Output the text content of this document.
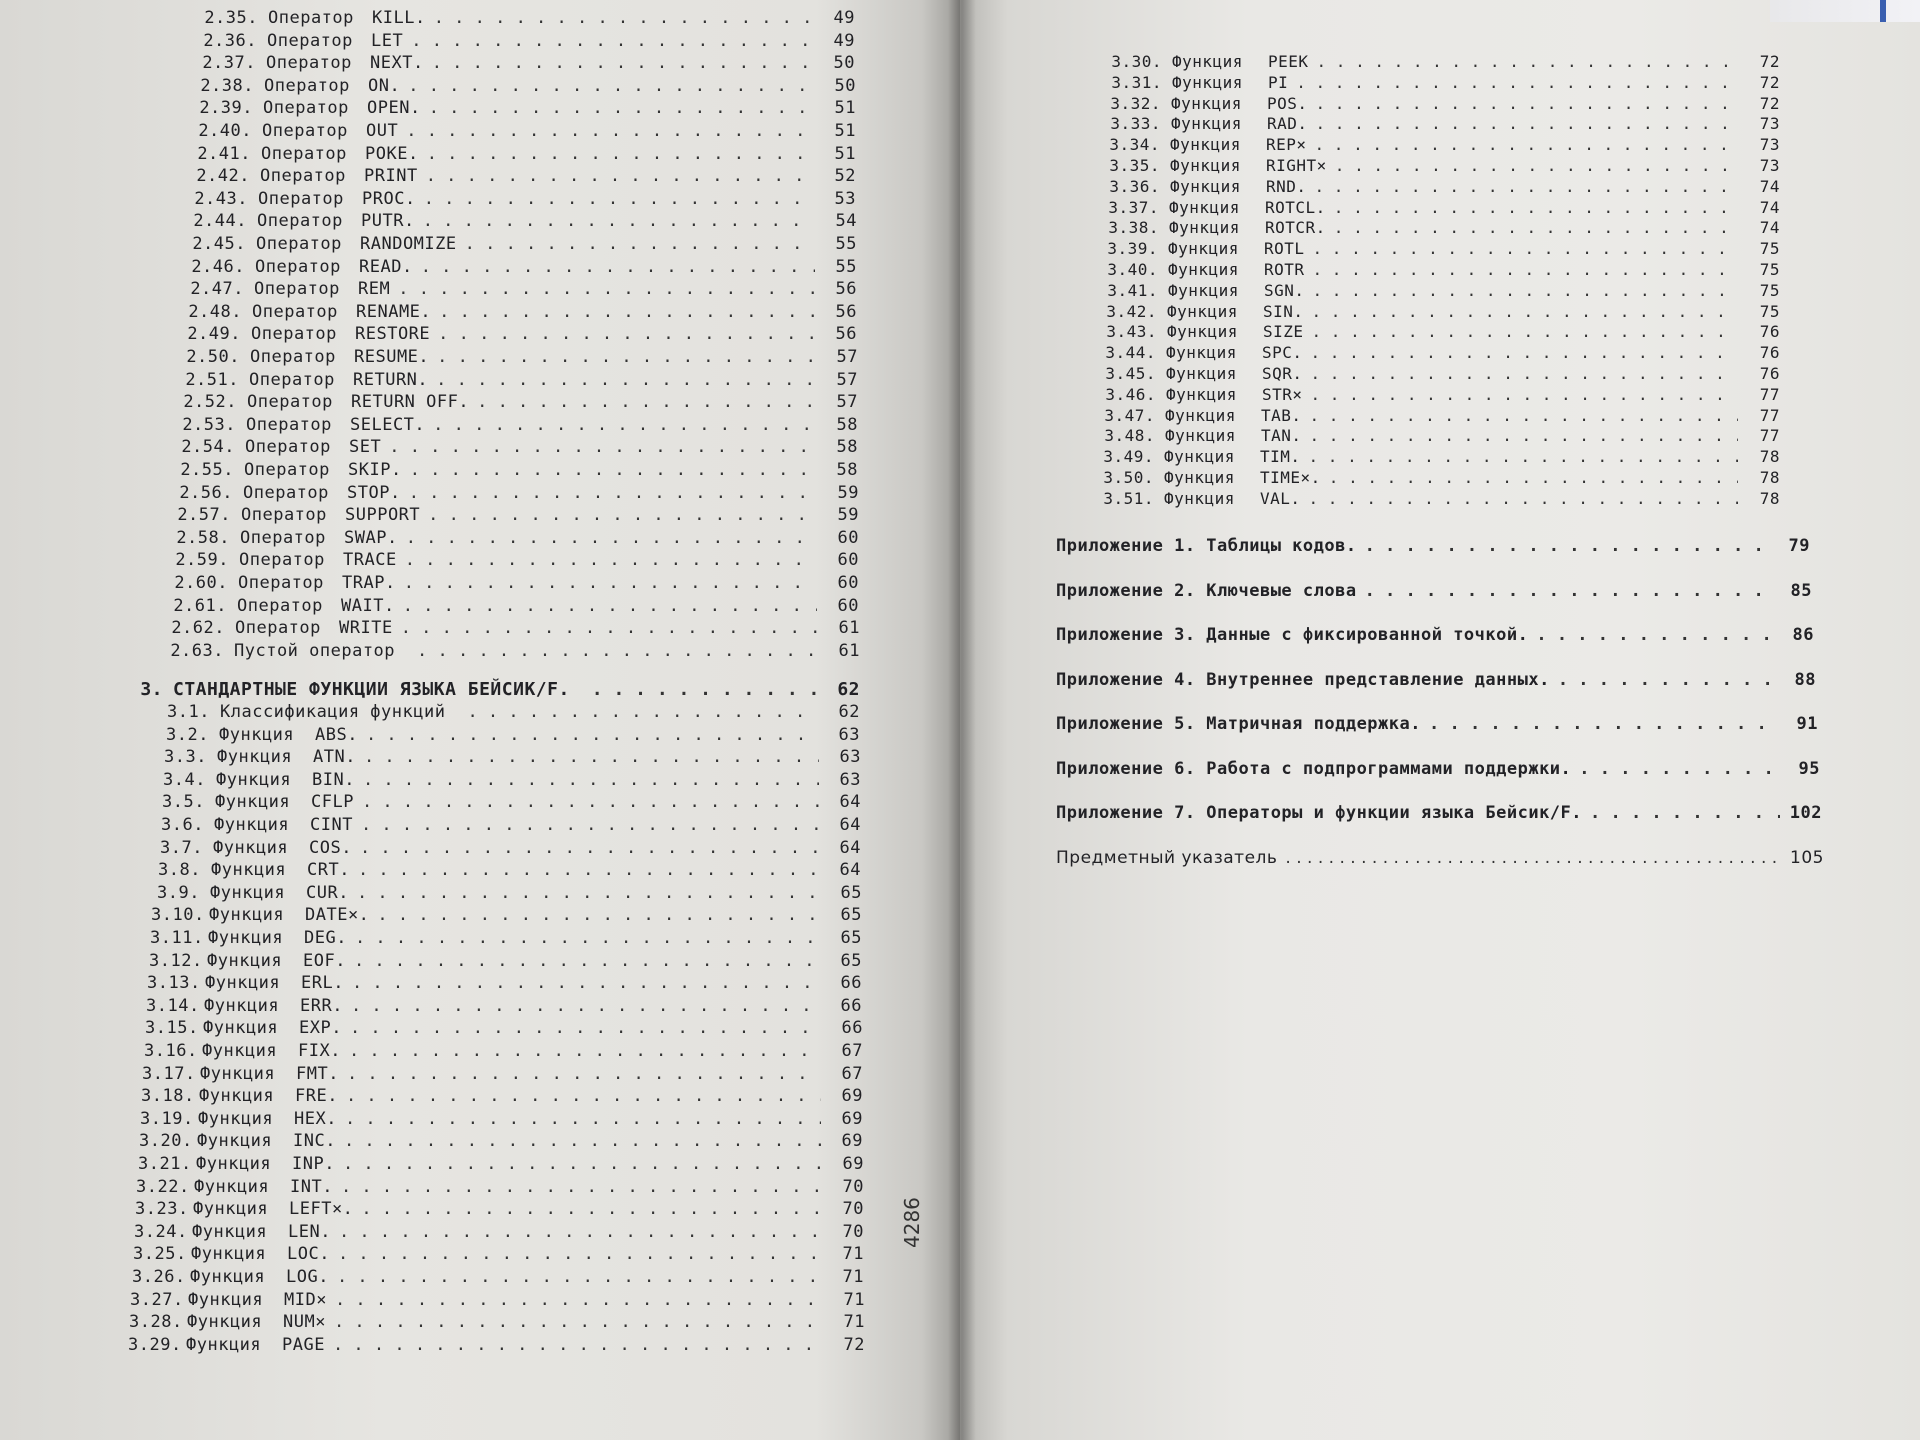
2.35. Оператор KILL. . . .	49
2.36. Оператор LET . . .	49
2.37. Оператор NEXT. . . .	50
2.38. Оператор ON. . . .	50
2.39. Оператор OPEN. . . .	51
2.40. Оператор OUT . . .	51
2.41. Оператор POKE. . . .	51
2.42. Оператор PRINT . . .	52
2.43. Оператор PROC. . . .	53
2.44. Оператор PUTR. . . .	54
2.45. Оператор RANDOMIZE . . .	55
2.46. Оператор READ. . . .	55
2.47. Оператор REM . . .	56
2.48. Оператор RENAME. . . .	56
2.49. Оператор RESTORE . . .	56
2.50. Оператор RESUME. . . .	57
2.51. Оператор RETURN. . . .	57
2.52. Оператор RETURN OFF. . . .	57
2.53. Оператор SELECT. . . .	58
2.54. Оператор SET . . .	58
2.55. Оператор SKIP. . . .	58
2.56. Оператор STOP. . . .	59
2.57. Оператор SUPPORT . . .	59
2.58. Оператор SWAP. . . .	60
2.59. Оператор TRACE . . .	60
2.60. Оператор TRAP. . . .	60
2.61. Оператор WAIT. . . .	60
2.62. Оператор WRITE . . .	61
2.63. Пустой оператор . . .	61
3. СТАНДАРТНЫЕ ФУНКЦИИ ЯЗЫКА БЕЙСИК/F. . . .	62
3.1. Классификация функций . . .	62
3.2. Функция	ABS. . . .	63
3.3. Функция	ATN. . . .	63
3.4. Функция	BIN. . . .	63
3.5. Функция	CFLP . . .	64
3.6. Функция	CINT . . .	64
3.7. Функция	COS. . . .	64
3.8. Функция	CRT. . . .	64
3.9. Функция	CUR. . . .	65
3.10. Функция	DATE×. . . .	65
3.11. Функция	DEG. . . .	65
3.12. Функция	EOF. . . .	65
3.13. Функция	ERL. . . .	66
3.14. Функция	ERR. . . .	66
3.15. Функция	EXP. . . .	66
3.16. Функция	FIX. . . .	67
3.17. Функция	FMT. . . .	67
3.18. Функция	FRE. . . .	69
3.19. Функция	HEX. . . .	69
3.20. Функция	INC. . . .	69
3.21. Функция	INP. . . .	69
3.22. Функция	INT. . . .	70
3.23. Функция	LEFT×. . . .	70
3.24. Функция	LEN. . . .	70
3.25. Функция	LOC. . . .	71
3.26. Функция	LOG. . . .	71
3.27. Функция	MID× . . .	71
3.28. Функция	NUM× . . .	71
3.29. Функция	PAGE . . .	72
4286
3.30. Функция	PEEK . . .	72
3.31. Функция	PI . . .	72
3.32. Функция	POS. . . .	72
3.33. Функция	RAD. . . .	73
3.34. Функция	REP× . . .	73
3.35. Функция	RIGHT× . . .	73
3.36. Функция	RND. . . .	74
3.37. Функция	ROTCL. . . .	74
3.38. Функция	ROTCR. . . .	74
3.39. Функция	ROTL . . .	75
3.40. Функция	ROTR . . .	75
3.41. Функция	SGN. . . .	75
3.42. Функция	SIN. . . .	75
3.43. Функция	SIZE . . .	76
3.44. Функция	SPC. . . .	76
3.45. Функция	SQR. . . .	76
3.46. Функция	STR× . . .	77
3.47. Функция	TAB. . . .	77
3.48. Функция	TAN. . . .	77
3.49. Функция	TIM. . . .	78
3.50. Функция	TIME×. . . .	78
3.51. Функция	VAL. . . .	78
Приложение 1. Таблицы кодов. . . .	79
Приложение 2. Ключевые слова . . .	85
Приложение 3. Данные с фиксированной точкой. . . .	86
Приложение 4. Внутреннее представление данных. . . .	88
Приложение 5. Матричная поддержка. . . .	91
Приложение 6. Работа с подпрограммами поддержки. . . .	95
Приложение 7. Операторы и функции языка Бейсик/F. . . .	102
Предметный указатель . . .	105
